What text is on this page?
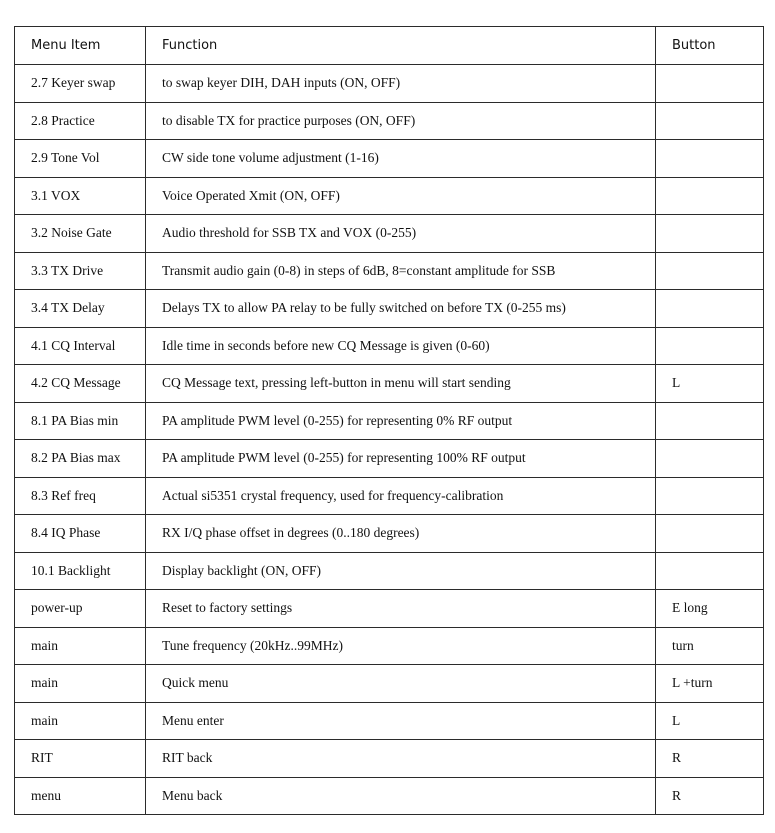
Menu Item	Function	Button
2.7 Keyer swap	to swap keyer DIH, DAH inputs (ON, OFF)	
2.8 Practice	to disable TX for practice purposes (ON, OFF)	
2.9 Tone Vol	CW side tone volume adjustment (1-16)	
3.1 VOX	Voice Operated Xmit (ON, OFF)	
3.2 Noise Gate	Audio threshold for SSB TX and VOX (0-255)	
3.3 TX Drive	Transmit audio gain (0-8) in steps of 6dB, 8=constant amplitude for SSB	
3.4 TX Delay	Delays TX to allow PA relay to be fully switched on before TX (0-255 ms)	
4.1 CQ Interval	Idle time in seconds before new CQ Message is given (0-60)	
4.2 CQ Message	CQ Message text, pressing left-button in menu will start sending	L
8.1 PA Bias min	PA amplitude PWM level (0-255) for representing 0% RF output	
8.2 PA Bias max	PA amplitude PWM level (0-255) for representing 100% RF output	
8.3 Ref freq	Actual si5351 crystal frequency, used for frequency-calibration	
8.4 IQ Phase	RX I/Q phase offset in degrees (0..180 degrees)	
10.1 Backlight	Display backlight (ON, OFF)	
power-up	Reset to factory settings	E long
main	Tune frequency (20kHz..99MHz)	turn
main	Quick menu	L +turn
main	Menu enter	L
RIT	RIT back	R
menu	Menu back	R
